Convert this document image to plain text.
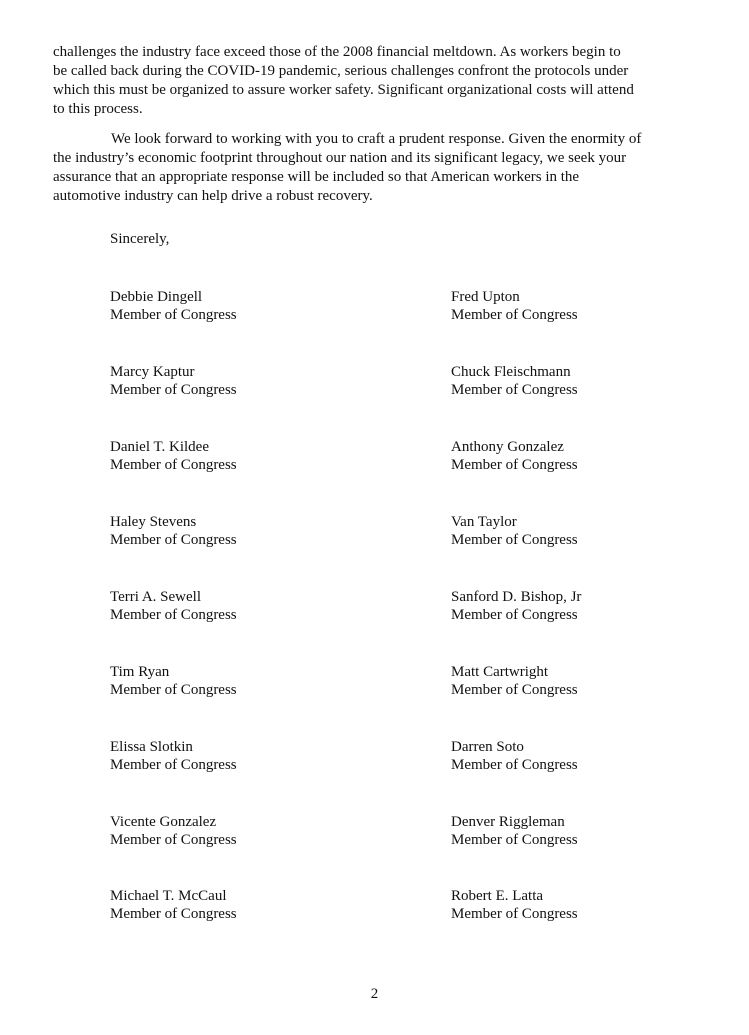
challenges the industry face exceed those of the 2008 financial meltdown. As workers begin to
be called back during the COVID-19 pandemic, serious challenges confront the protocols under
which this must be organized to assure worker safety. Significant organizational costs will attend
to this process.

We look forward to working with you to craft a prudent response. Given the enormity of
the industry’s economic footprint throughout our nation and its significant legacy, we seek your
assurance that an appropriate response will be included so that American workers in the
automotive industry can help drive a robust recovery.

Sincerely,

Debbie Dingell
Member of Congress
Marcy Kaptur
Member of Congress
Daniel T. Kildee
Member of Congress
Haley Stevens
Member of Congress
Terri A. Sewell
Member of Congress
Tim Ryan
Member of Congress
Elissa Slotkin
Member of Congress
Vicente Gonzalez
Member of Congress
Michael T. McCaul
Member of Congress
Fred Upton
Member of Congress
Chuck Fleischmann
Member of Congress
Anthony Gonzalez
Member of Congress
Van Taylor
Member of Congress
Sanford D. Bishop, Jr
Member of Congress
Matt Cartwright
Member of Congress
Darren Soto
Member of Congress
Denver Riggleman
Member of Congress
Robert E. Latta
Member of Congress
2
